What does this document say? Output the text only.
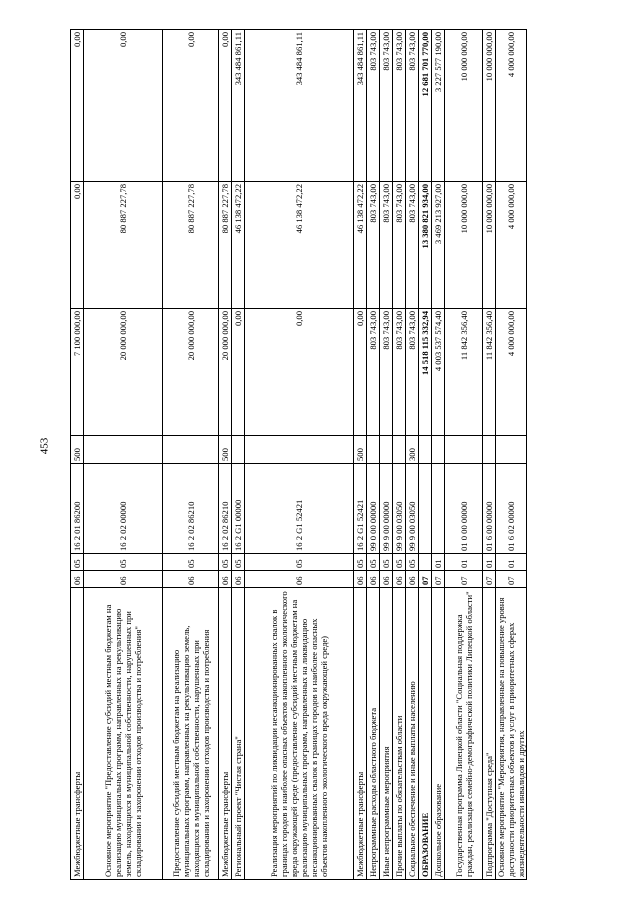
453
Межбюджетные трансферты	06	05	16 2 01 86200	500	7 100 000,00	0,00	0,00
Основное мероприятие "Предоставление субсидий местным бюджетам на реализацию муниципальных программ, направленных на рекультивацию земель, находящихся в муниципальной собственности, нарушенных при складировании и захоронении отходов производства и потребления"	06	05	16 2 02 00000		20 000 000,00	80 887 227,78	0,00
Предоставление субсидий местным бюджетам на реализацию муниципальных программ, направленных на рекультивацию земель, находящихся в муниципальной собственности, нарушенных при складировании и захоронении отходов производства и потребления	06	05	16 2 02 86210		20 000 000,00	80 887 227,78	0,00
Межбюджетные трансферты	06	05	16 2 02 86210	500	20 000 000,00	80 887 227,78	0,00
Региональный проект "Чистая страна"	06	05	16 2 G1 00000		0,00	46 138 472,22	343 484 861,11
Реализация мероприятий по ликвидации несанкционированных свалок в границах городов и наиболее опасных объектов накопленного экологического вреда окружающей среде (предоставление субсидий местным бюджетам на реализацию муниципальных программ, направленных на ликвидацию несанкционированных свалок в границах городов и наиболее опасных объектов накопленного экологического вреда окружающей среде)	06	05	16 2 G1 52421		0,00	46 138 472,22	343 484 861,11
Межбюджетные трансферты	06	05	16 2 G1 52421	500	0,00	46 138 472,22	343 484 861,11
Непрограммные расходы областного бюджета	06	05	99 0 00 00000		803 743,00	803 743,00	803 743,00
Иные непрограммные мероприятия	06	05	99 9 00 00000		803 743,00	803 743,00	803 743,00
Прочие выплаты по обязательствам области	06	05	99 9 00 03050		803 743,00	803 743,00	803 743,00
Социальное обеспечение и иные выплаты населению	06	05	99 9 00 03050	300	803 743,00	803 743,00	803 743,00
ОБРАЗОВАНИЕ	07				14 518 115 332,94	13 380 821 934,00	12 681 701 770,00
Дошкольное образование	07	01			4 003 537 574,40	3 469 213 927,00	3 227 577 190,00
Государственная программа Липецкой области "Социальная поддержка граждан, реализация семейно-демографической политики Липецкой области"	07	01	01 0 00 00000		11 842 356,40	10 000 000,00	10 000 000,00
Подпрограмма "Доступная среда"	07	01	01 6 00 00000		11 842 356,40	10 000 000,00	10 000 000,00
Основное мероприятие "Мероприятия, направленные на повышение уровня доступности приоритетных объектов и услуг в приоритетных сферах жизнедеятельности инвалидов и других	07	01	01 6 02 00000		4 000 000,00	4 000 000,00	4 000 000,00
